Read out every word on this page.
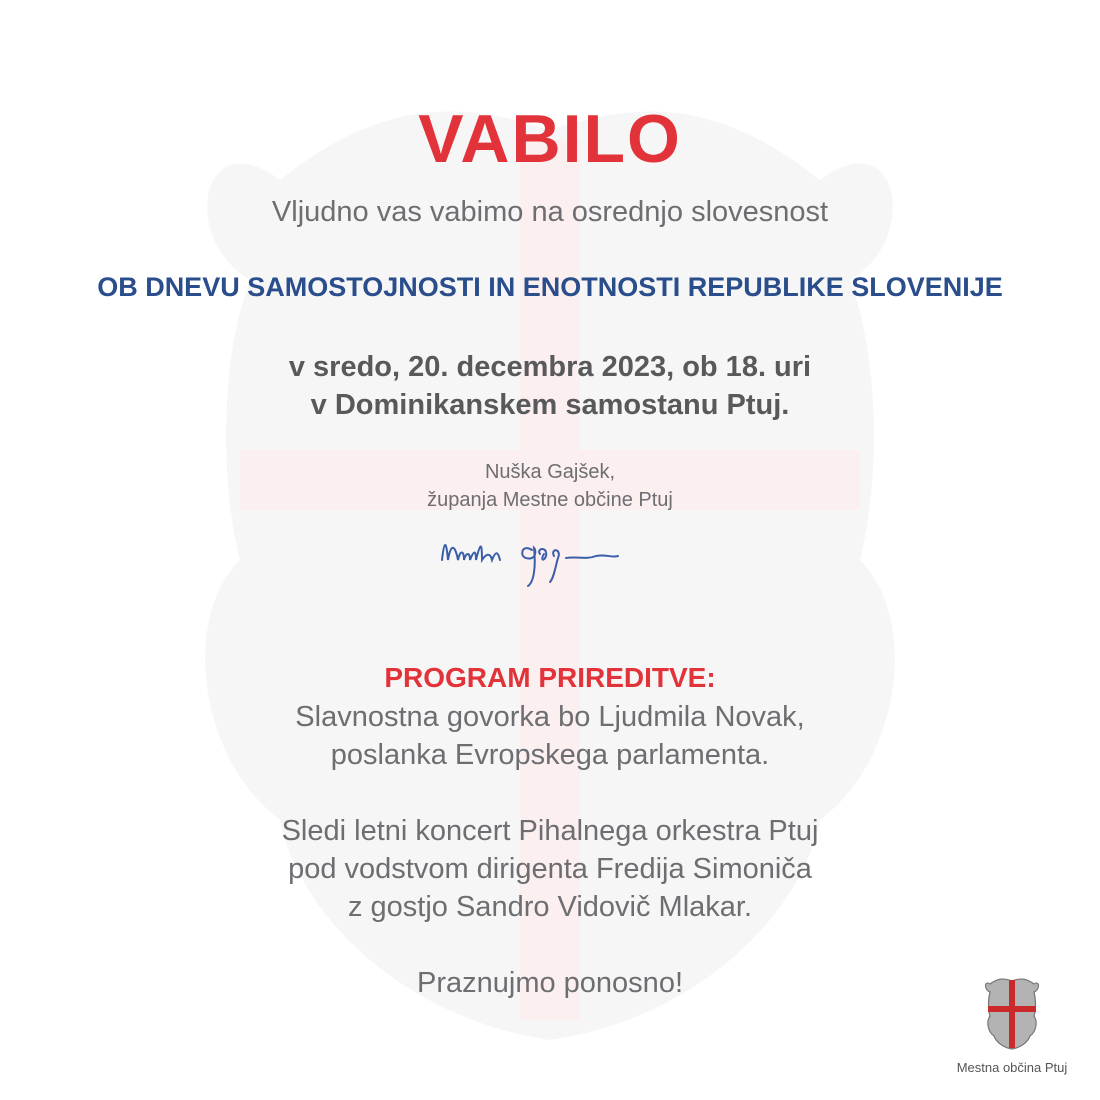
VABILO
Vljudno vas vabimo na osrednjo slovesnost
OB DNEVU SAMOSTOJNOSTI IN ENOTNOSTI REPUBLIKE SLOVENIJE
v sredo, 20. decembra 2023, ob 18. uri
v Dominikanskem samostanu Ptuj.
Nuška Gajšek,
županja Mestne občine Ptuj
PROGRAM PRIREDITVE:

Slavnostna govorka bo Ljudmila Novak,

poslanka Evropskega parlamenta.

Sledi letni koncert Pihalnega orkestra Ptuj

pod vodstvom dirigenta Fredija Simoniča

z gostjo Sandro Vidovič Mlakar.

Praznujmo ponosno!

Mestna občina Ptuj
